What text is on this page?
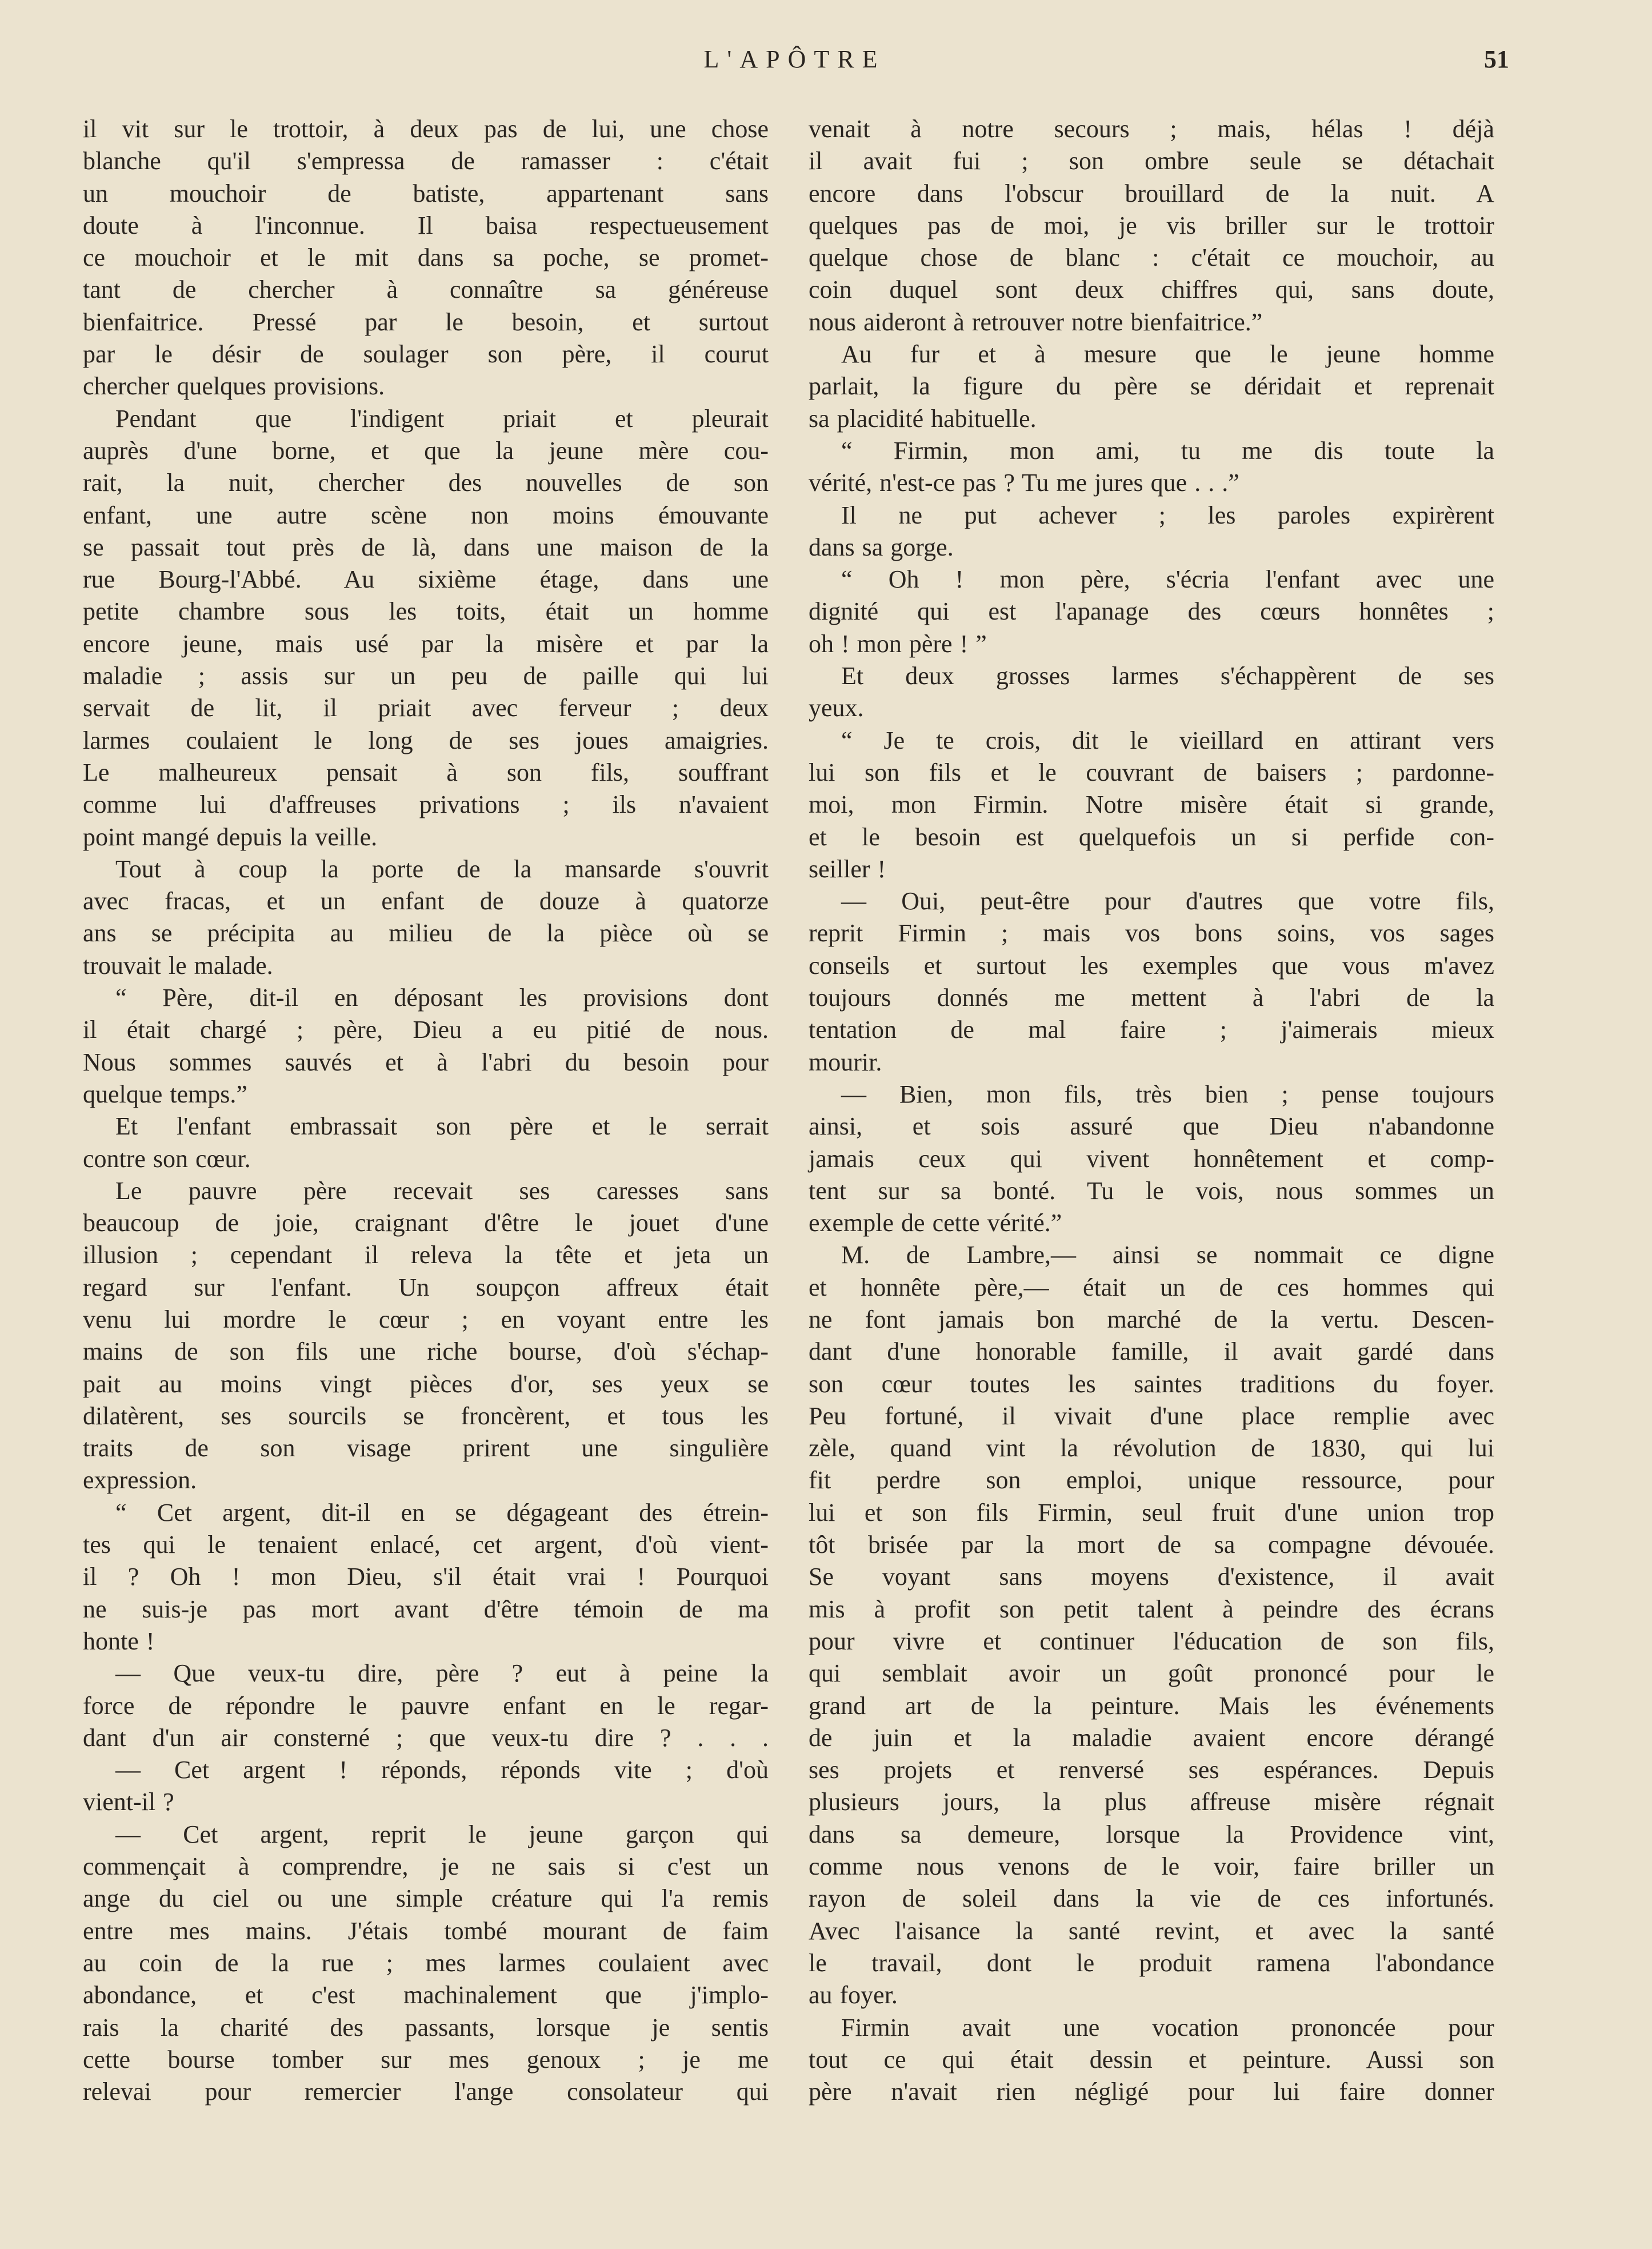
L'APÔTRE	51
il vit sur le trottoir, à deux pas de lui, une chose
blanche qu'il s'empressa de ramasser : c'était
un mouchoir de batiste, appartenant sans
doute à l'inconnue. Il baisa respectueusement
ce mouchoir et le mit dans sa poche, se promet-
tant de chercher à connaître sa généreuse
bienfaitrice. Pressé par le besoin, et surtout
par le désir de soulager son père, il courut
chercher quelques provisions.
Pendant que l'indigent priait et pleurait
auprès d'une borne, et que la jeune mère cou-
rait, la nuit, chercher des nouvelles de son
enfant, une autre scène non moins émouvante
se passait tout près de là, dans une maison de la
rue Bourg-l'Abbé. Au sixième étage, dans une
petite chambre sous les toits, était un homme
encore jeune, mais usé par la misère et par la
maladie ; assis sur un peu de paille qui lui
servait de lit, il priait avec ferveur ; deux
larmes coulaient le long de ses joues amaigries.
Le malheureux pensait à son fils, souffrant
comme lui d'affreuses privations ; ils n'avaient
point mangé depuis la veille.
Tout à coup la porte de la mansarde s'ouvrit
avec fracas, et un enfant de douze à quatorze
ans se précipita au milieu de la pièce où se
trouvait le malade.
“ Père, dit-il en déposant les provisions dont
il était chargé ; père, Dieu a eu pitié de nous.
Nous sommes sauvés et à l'abri du besoin pour
quelque temps.”
Et l'enfant embrassait son père et le serrait
contre son cœur.
Le pauvre père recevait ses caresses sans
beaucoup de joie, craignant d'être le jouet d'une
illusion ; cependant il releva la tête et jeta un
regard sur l'enfant. Un soupçon affreux était
venu lui mordre le cœur ; en voyant entre les
mains de son fils une riche bourse, d'où s'échap-
pait au moins vingt pièces d'or, ses yeux se
dilatèrent, ses sourcils se froncèrent, et tous les
traits de son visage prirent une singulière
expression.
“ Cet argent, dit-il en se dégageant des étrein-
tes qui le tenaient enlacé, cet argent, d'où vient-
il ? Oh ! mon Dieu, s'il était vrai ! Pourquoi
ne suis-je pas mort avant d'être témoin de ma
honte !
— Que veux-tu dire, père ? eut à peine la
force de répondre le pauvre enfant en le regar-
dant d'un air consterné ; que veux-tu dire ? . . .
— Cet argent ! réponds, réponds vite ; d'où
vient-il ?
— Cet argent, reprit le jeune garçon qui
commençait à comprendre, je ne sais si c'est un
ange du ciel ou une simple créature qui l'a remis
entre mes mains. J'étais tombé mourant de faim
au coin de la rue ; mes larmes coulaient avec
abondance, et c'est machinalement que j'implo-
rais la charité des passants, lorsque je sentis
cette bourse tomber sur mes genoux ; je me
relevai pour remercier l'ange consolateur qui
venait à notre secours ; mais, hélas ! déjà
il avait fui ; son ombre seule se détachait
encore dans l'obscur brouillard de la nuit. A
quelques pas de moi, je vis briller sur le trottoir
quelque chose de blanc : c'était ce mouchoir, au
coin duquel sont deux chiffres qui, sans doute,
nous aideront à retrouver notre bienfaitrice.”
Au fur et à mesure que le jeune homme
parlait, la figure du père se déridait et reprenait
sa placidité habituelle.
“ Firmin, mon ami, tu me dis toute la
vérité, n'est-ce pas ? Tu me jures que . . .”
Il ne put achever ; les paroles expirèrent
dans sa gorge.
“ Oh ! mon père, s'écria l'enfant avec une
dignité qui est l'apanage des cœurs honnêtes ;
oh ! mon père ! ”
Et deux grosses larmes s'échappèrent de ses
yeux.
“ Je te crois, dit le vieillard en attirant vers
lui son fils et le couvrant de baisers ; pardonne-
moi, mon Firmin. Notre misère était si grande,
et le besoin est quelquefois un si perfide con-
seiller !
— Oui, peut-être pour d'autres que votre fils,
reprit Firmin ; mais vos bons soins, vos sages
conseils et surtout les exemples que vous m'avez
toujours donnés me mettent à l'abri de la
tentation de mal faire ; j'aimerais mieux
mourir.
— Bien, mon fils, très bien ; pense toujours
ainsi, et sois assuré que Dieu n'abandonne
jamais ceux qui vivent honnêtement et comp-
tent sur sa bonté. Tu le vois, nous sommes un
exemple de cette vérité.”
M. de Lambre,— ainsi se nommait ce digne
et honnête père,— était un de ces hommes qui
ne font jamais bon marché de la vertu. Descen-
dant d'une honorable famille, il avait gardé dans
son cœur toutes les saintes traditions du foyer.
Peu fortuné, il vivait d'une place remplie avec
zèle, quand vint la révolution de 1830, qui lui
fit perdre son emploi, unique ressource, pour
lui et son fils Firmin, seul fruit d'une union trop
tôt brisée par la mort de sa compagne dévouée.
Se voyant sans moyens d'existence, il avait
mis à profit son petit talent à peindre des écrans
pour vivre et continuer l'éducation de son fils,
qui semblait avoir un goût prononcé pour le
grand art de la peinture. Mais les événements
de juin et la maladie avaient encore dérangé
ses projets et renversé ses espérances. Depuis
plusieurs jours, la plus affreuse misère régnait
dans sa demeure, lorsque la Providence vint,
comme nous venons de le voir, faire briller un
rayon de soleil dans la vie de ces infortunés.
Avec l'aisance la santé revint, et avec la santé
le travail, dont le produit ramena l'abondance
au foyer.
Firmin avait une vocation prononcée pour
tout ce qui était dessin et peinture. Aussi son
père n'avait rien négligé pour lui faire donner
